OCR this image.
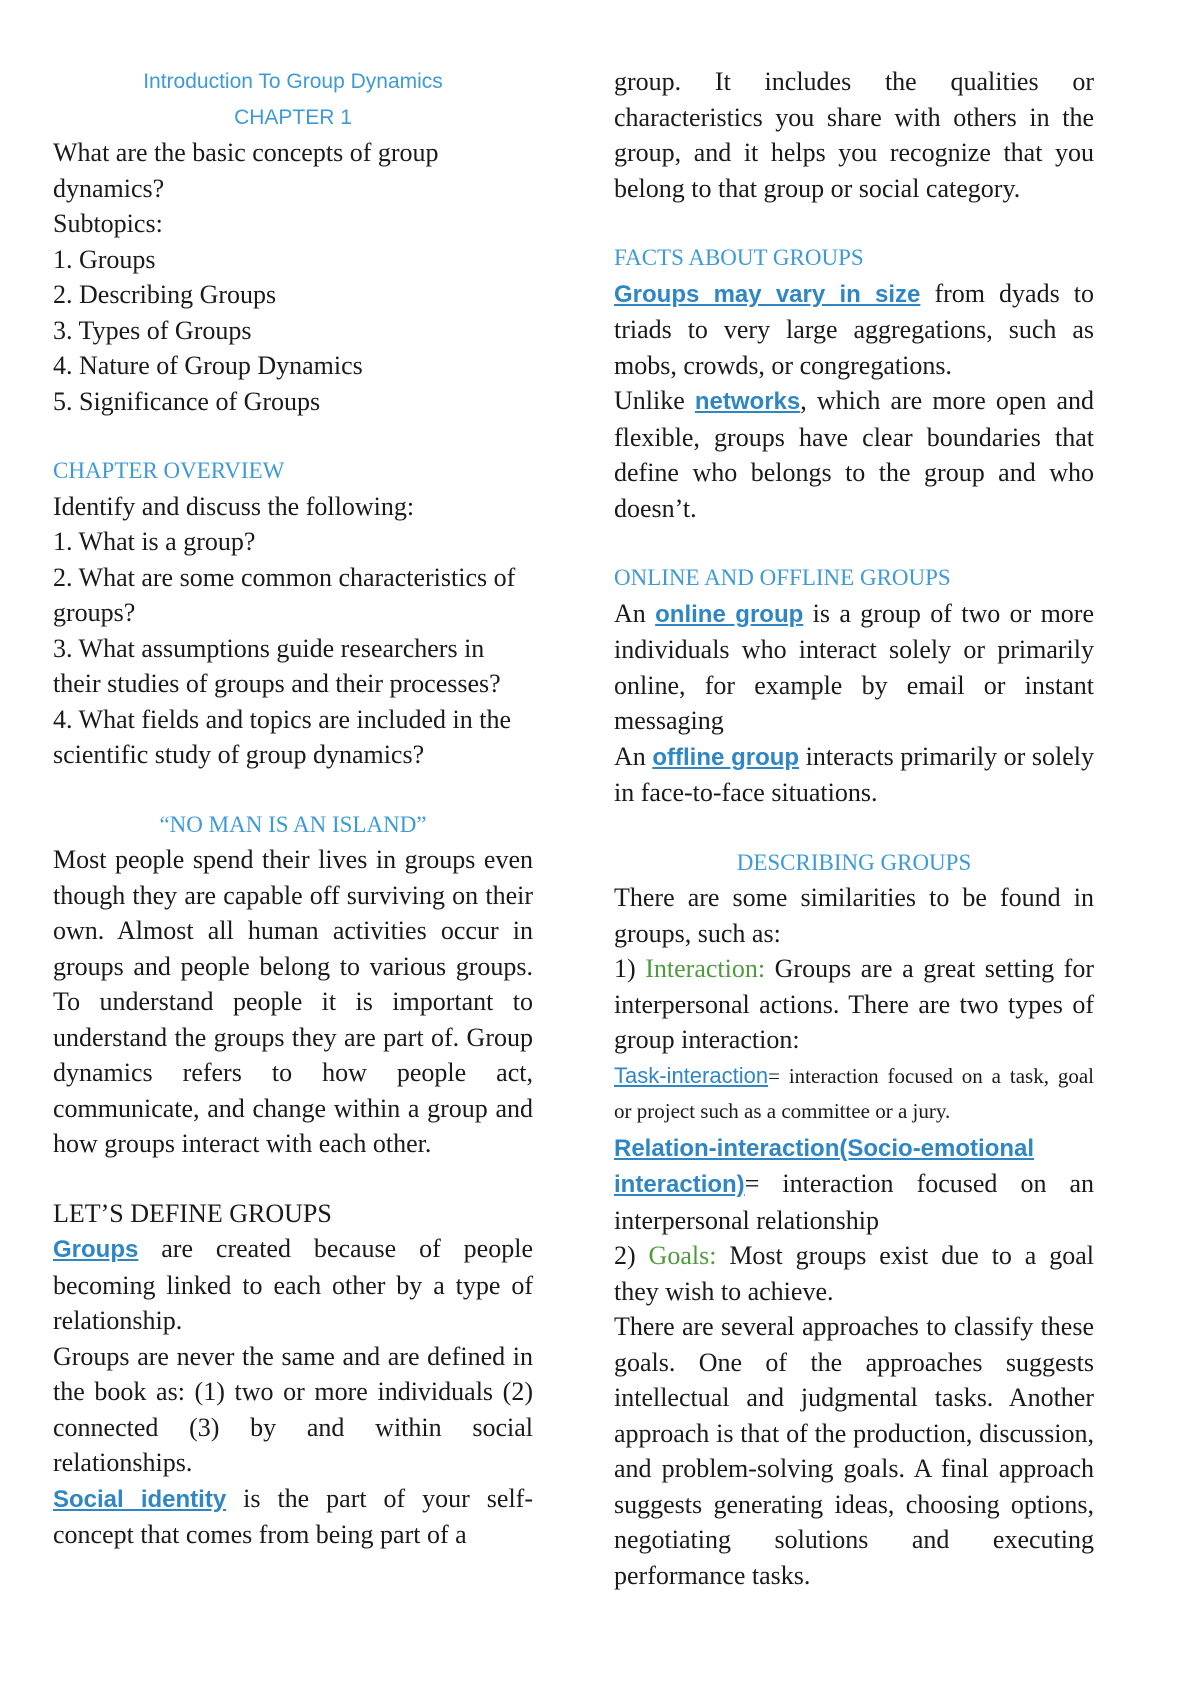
Introduction To Group Dynamics

CHAPTER 1

What are the basic concepts of group dynamics?

Subtopics:

1. Groups

2. Describing Groups

3. Types of Groups

4. Nature of Group Dynamics

5. Significance of Groups

CHAPTER OVERVIEW

Identify and discuss the following:

1. What is a group?

2. What are some common characteristics of groups?

3. What assumptions guide researchers in their studies of groups and their processes?

4. What fields and topics are included in the scientific study of group dynamics?

“NO MAN IS AN ISLAND”

Most people spend their lives in groups even though they are capable off surviving on their own. Almost all human activities occur in groups and people belong to various groups. To understand people it is important to understand the groups they are part of. Group dynamics refers to how people act, communicate, and change within a group and how groups interact with each other.

LET’S DEFINE GROUPS

Groups are created because of people becoming linked to each other by a type of relationship.

Groups are never the same and are defined in the book as: (1) two or more individuals (2) connected (3) by and within social relationships.

Social identity is the part of your self-concept that comes from being part of a

group. It includes the qualities or characteristics you share with others in the group, and it helps you recognize that you belong to that group or social category.

FACTS ABOUT GROUPS

Groups may vary in size from dyads to triads to very large aggregations, such as mobs, crowds, or congregations.

Unlike networks, which are more open and flexible, groups have clear boundaries that define who belongs to the group and who doesn’t.

ONLINE AND OFFLINE GROUPS

An online group is a group of two or more individuals who interact solely or primarily online, for example by email or instant messaging

An offline group interacts primarily or solely in face-to-face situations.

DESCRIBING GROUPS

There are some similarities to be found in groups, such as:

1) Interaction: Groups are a great setting for interpersonal actions. There are two types of group interaction:

Task-interaction= interaction focused on a task, goal or project such as a committee or a jury.

Relation-interaction(Socio-emotional interaction)= interaction focused on an interpersonal relationship

2) Goals: Most groups exist due to a goal they wish to achieve.

There are several approaches to classify these goals. One of the approaches suggests intellectual and judgmental tasks. Another approach is that of the production, discussion, and problem-solving goals. A final approach suggests generating ideas, choosing options, negotiating solutions and executing performance tasks.
